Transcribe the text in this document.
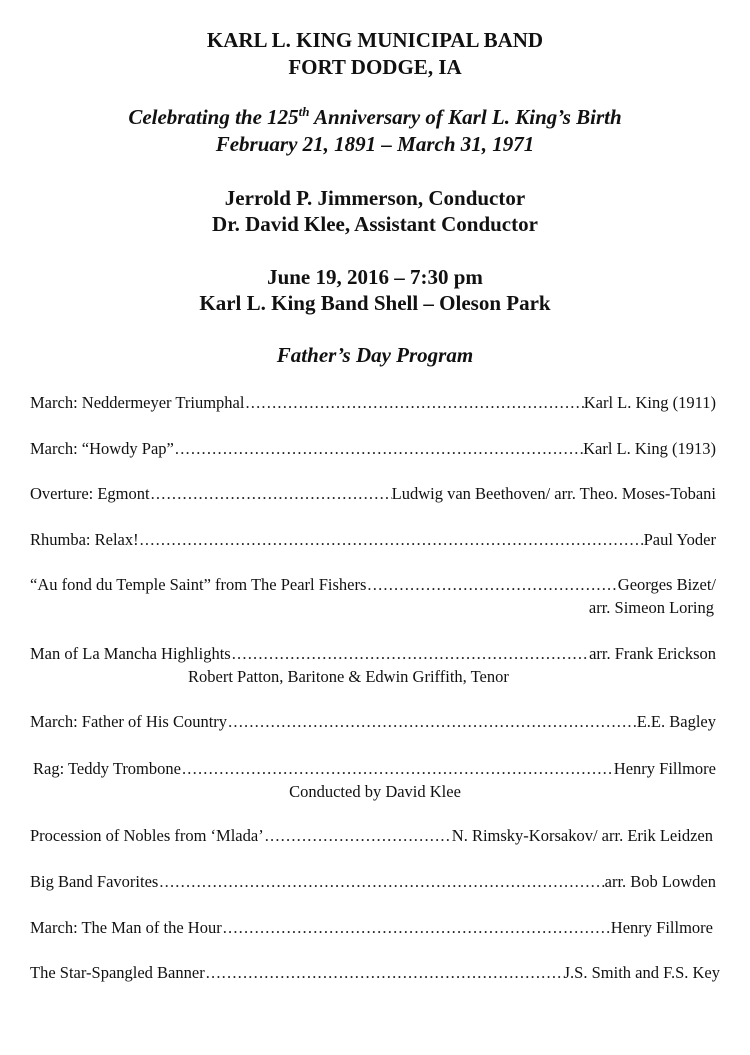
KARL L. KING MUNICIPAL BAND
FORT DODGE, IA
Celebrating the 125th Anniversary of Karl L. King’s Birth
February 21, 1891 – March 31, 1971
Jerrold P. Jimmerson, Conductor
Dr. David Klee, Assistant Conductor
June 19, 2016 – 7:30 pm
Karl L. King Band Shell – Oleson Park
Father’s Day Program
March: Neddermeyer Triumphal .....	Karl L. King (1911)
March: “Howdy Pap” .....	Karl L. King (1913)
Overture: Egmont .....	Ludwig van Beethoven/ arr. Theo. Moses-Tobani
Rhumba: Relax! .....	Paul Yoder
“Au fond du Temple Saint” from The Pearl Fishers .....	Georges Bizet/
arr. Simeon Loring
Man of La Mancha Highlights .....	arr. Frank Erickson
Robert Patton, Baritone & Edwin Griffith, Tenor
March: Father of His Country .....	E.E. Bagley
Rag: Teddy Trombone .....	Henry Fillmore
Conducted by David Klee
Procession of Nobles from ‘Mlada’ .....	N. Rimsky-Korsakov/ arr. Erik Leidzen
Big Band Favorites .....	arr. Bob Lowden
March: The Man of the Hour .....	Henry Fillmore
The Star-Spangled Banner .....	J.S. Smith and F.S. Key
